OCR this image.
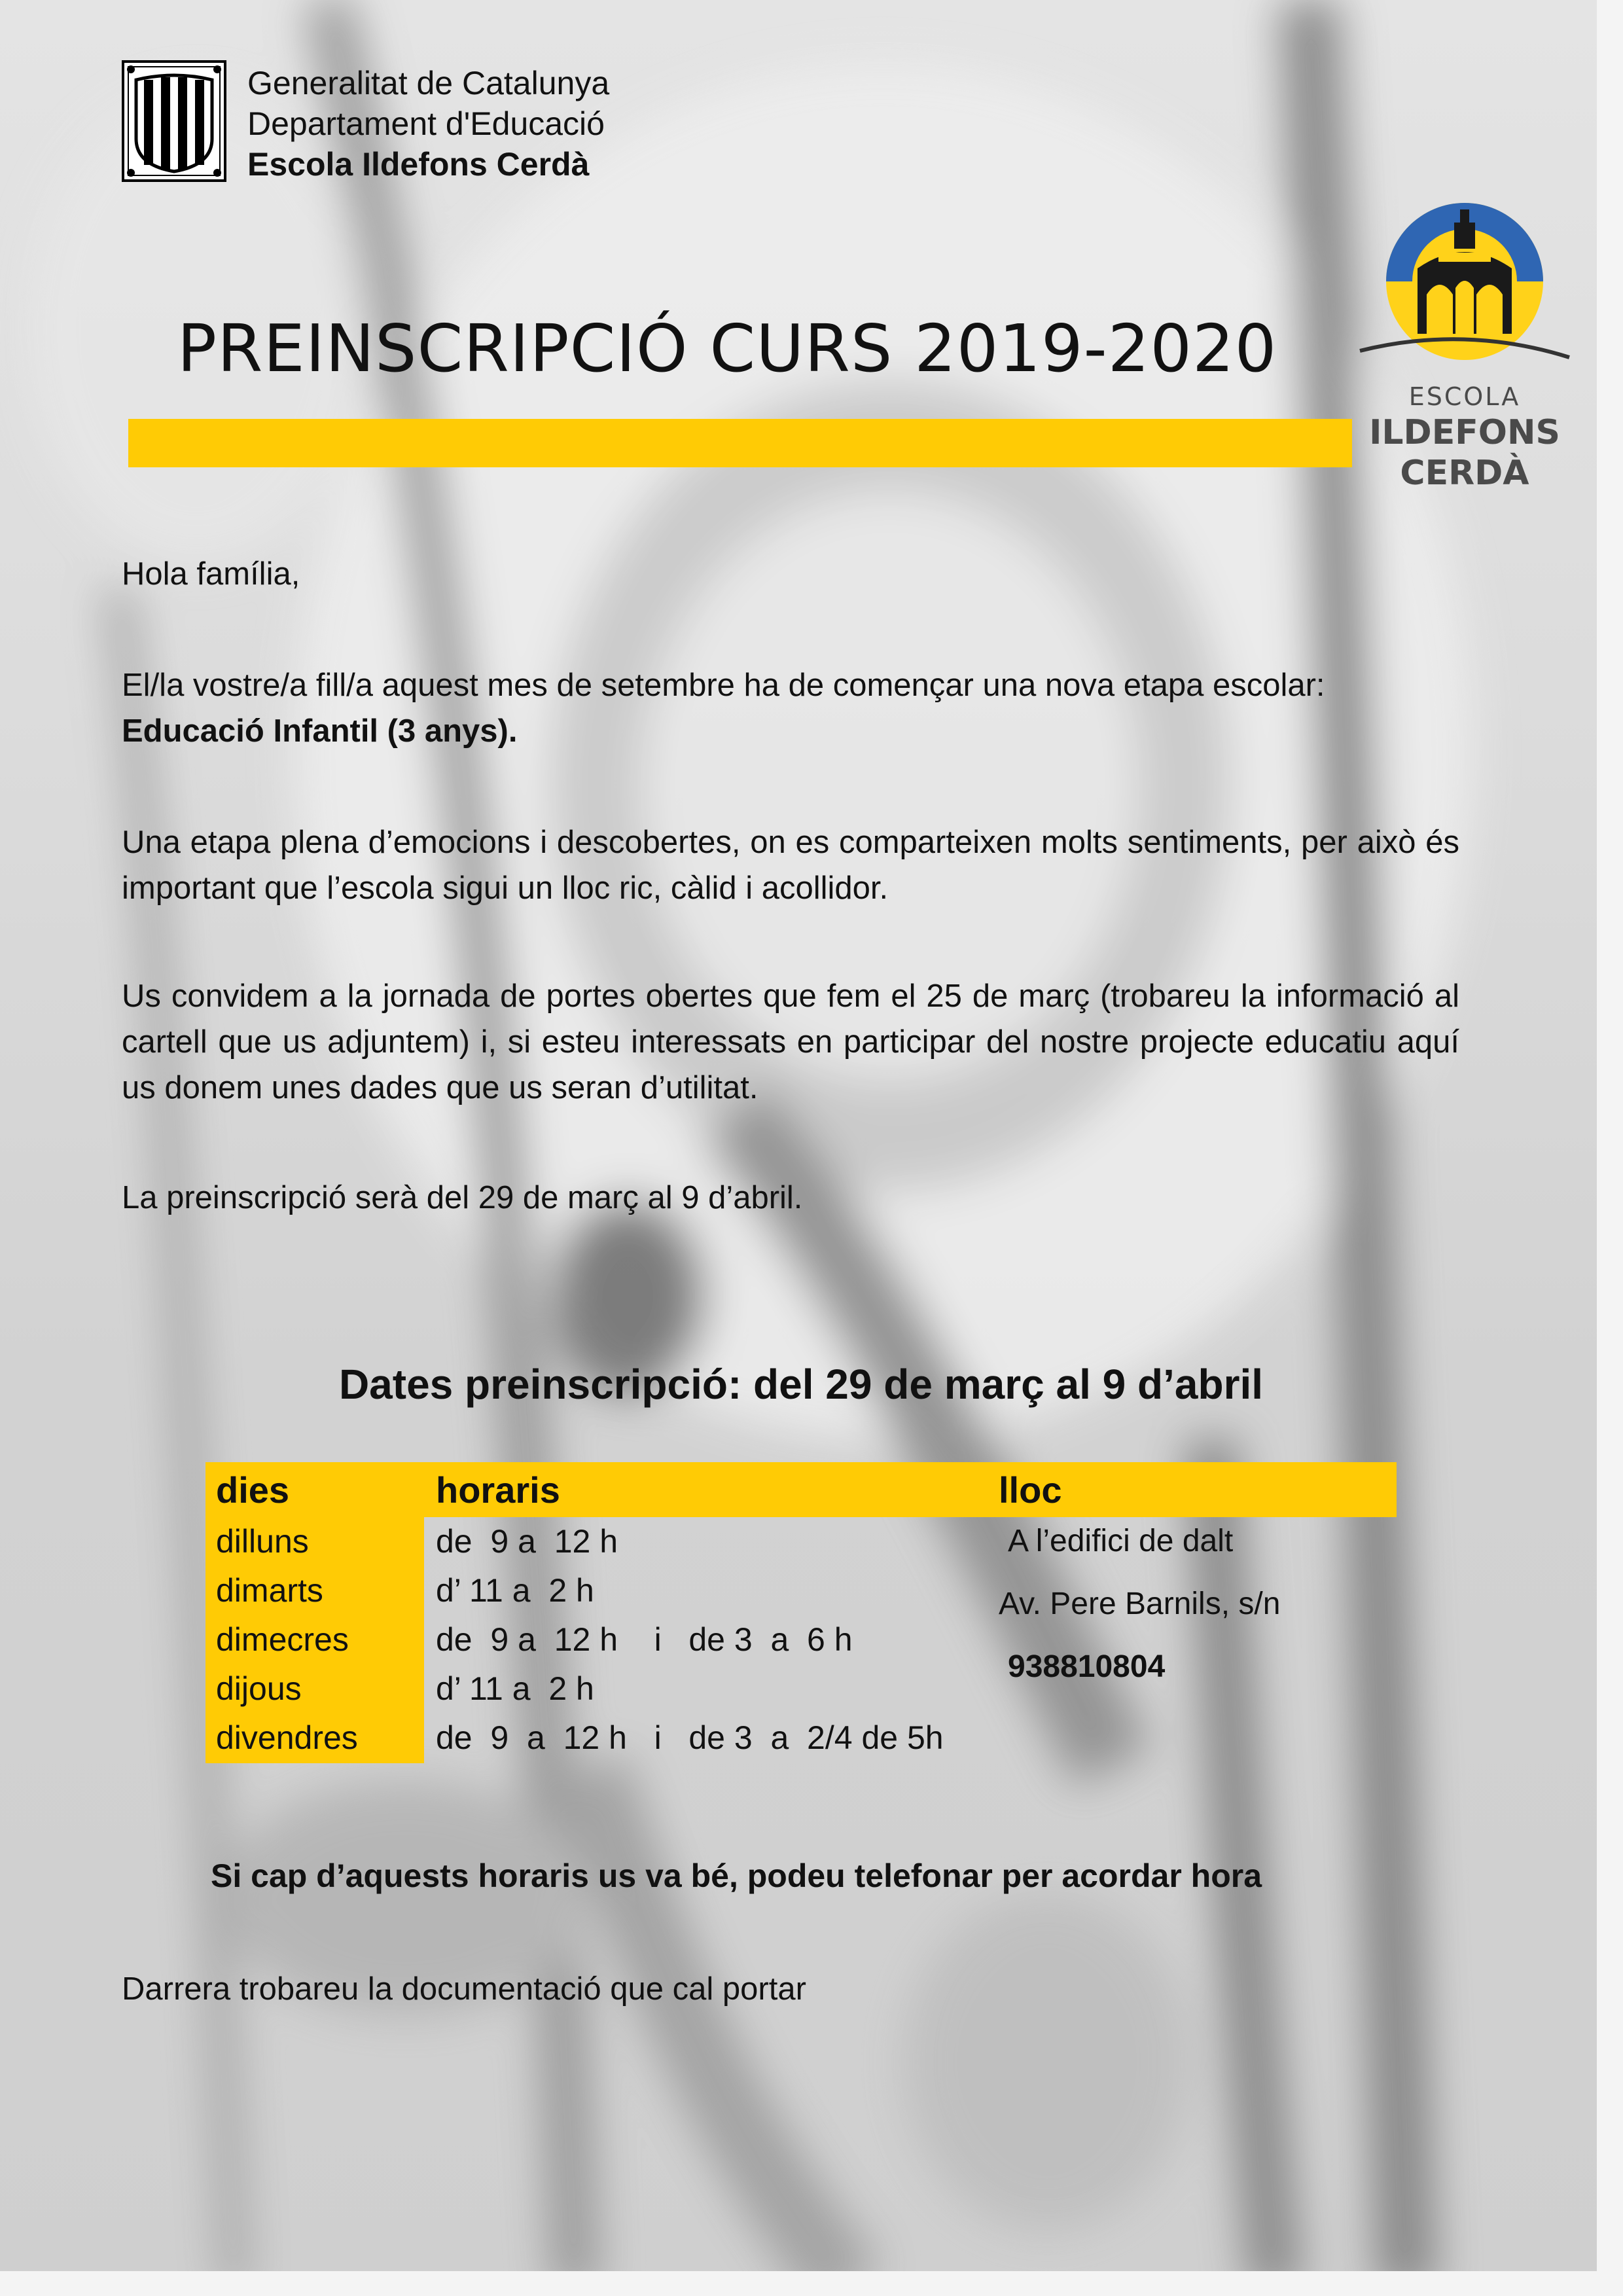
Generalitat de Catalunya
Departament d'Educació
Escola Ildefons Cerdà
ESCOLA
ILDEFONS
CERDÀ
PREINSCRIPCIÓ CURS 2019-2020
Hola família,

El/la vostre/a fill/a aquest mes de setembre ha de començar una nova etapa escolar:
Educació Infantil (3 anys).

Una etapa plena d’emocions i descobertes, on es comparteixen molts sentiments, per això és important que l’escola sigui un lloc ric, càlid i acollidor.

Us convidem a la jornada de portes obertes que fem el 25 de març (trobareu la informació al cartell que us adjuntem) i, si esteu interessats en participar del nostre projecte educatiu aquí us donem unes dades que us seran d’utilitat.

La preinscripció serà del 29 de març al 9 d’abril.

Dates preinscripció: del 29 de març al 9 d’abril
dies	horaris	lloc
dilluns	de  9 a  12 h
dimarts	d’ 11 a  2 h
dimecres	de  9 a  12 h    i   de 3  a  6 h
dijous	d’ 11 a  2 h
divendres de  9  a  12 h   i   de 3  a  2/4 de 5h
A l’edifici de dalt
Av. Pere Barnils, s/n
938810804
Si cap d’aquests horaris us va bé, podeu telefonar per acordar hora
Darrera trobareu la documentació que cal portar
